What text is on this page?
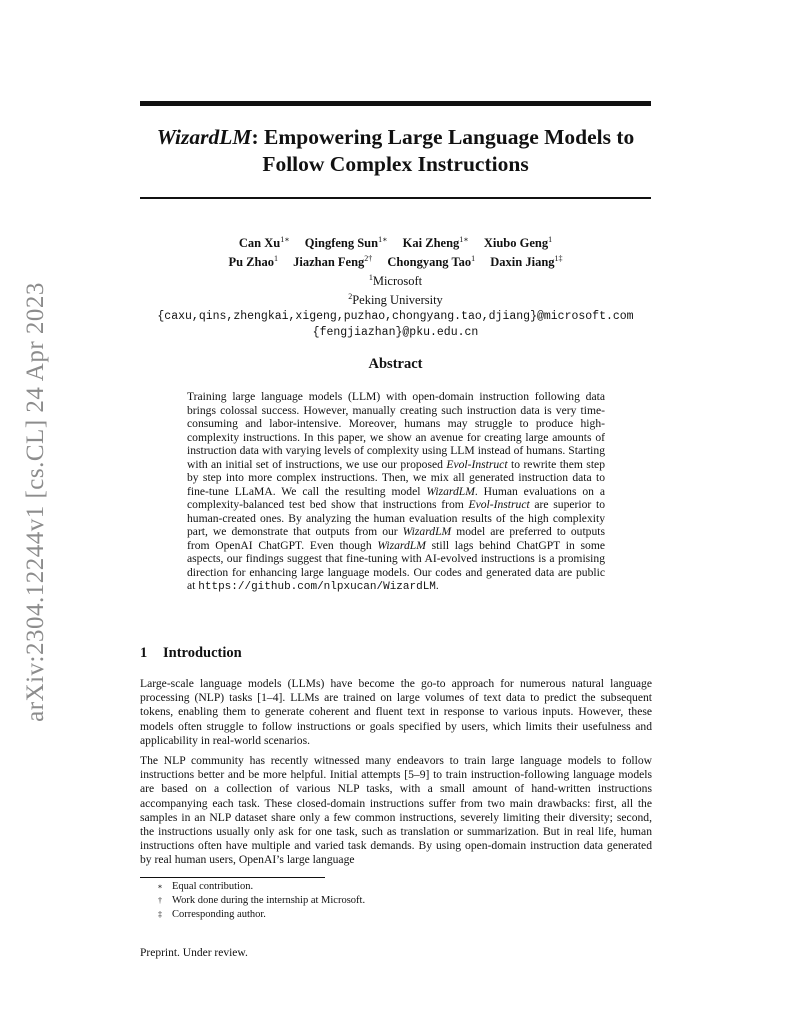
arXiv:2304.12244v1 [cs.CL] 24 Apr 2023
WizardLM: Empowering Large Language Models to
Follow Complex Instructions
Can $Xu^{1∗}$ Qingfeng Sun$^{1∗}$ Kai Zheng$^{1∗}$ Xiubo Geng$^1$
Pu Zhao$^1$ Jiazhan Feng$^{2\dagger}$ Chongyang Tao$^1$ Daxin Jiang$^{1\ddagger}$
$^1$Microsoft
$^2$Peking University
{caxu,qins,zhengkai,xigeng,puzhao,chongyang.tao,djiang}@microsoft.com
{fengjiazhan}@pku.edu.cn
Abstract
Training large language models (LLM) with open-domain instruction following data brings colossal success. However, manually creating such instruction data is very time-consuming and labor-intensive. Moreover, humans may struggle to produce high-complexity instructions. In this paper, we show an avenue for creating large amounts of instruction data with varying levels of complexity using LLM instead of humans. Starting with an initial set of instructions, we use our proposed Evol-Instruct to rewrite them step by step into more complex instructions. Then, we mix all generated instruction data to fine-tune LLaMA. We call the resulting model WizardLM. Human evaluations on a complexity-balanced test bed show that instructions from Evol-Instruct are superior to human-created ones. By analyzing the human evaluation results of the high complexity part, we demonstrate that outputs from our WizardLM model are preferred to outputs from OpenAI ChatGPT. Even though WizardLM still lags behind ChatGPT in some aspects, our findings suggest that fine-tuning with AI-evolved instructions is a promising direction for enhancing large language models. Our codes and generated data are public at https://github.com/nlpxucan/WizardLM.
1 Introduction

Large-scale language models (LLMs) have become the go-to approach for numerous natural language processing (NLP) tasks [1–4]. LLMs are trained on large volumes of text data to predict the subsequent tokens, enabling them to generate coherent and fluent text in response to various inputs. However, these models often struggle to follow instructions or goals specified by users, which limits their usefulness and applicability in real-world scenarios.

The NLP community has recently witnessed many endeavors to train large language models to follow instructions better and be more helpful. Initial attempts [5–9] to train instruction-following language models are based on a collection of various NLP tasks, with a small amount of hand-written instructions accompanying each task. These closed-domain instructions suffer from two main drawbacks: first, all the samples in an NLP dataset share only a few common instructions, severely limiting their diversity; second, the instructions usually only ask for one task, such as translation or summarization. But in real life, human instructions often have multiple and varied task demands. By using open-domain instruction data generated by real human users, OpenAI’s large language

∗ Equal contribution.
† Work done during the internship at Microsoft.
‡ Corresponding author.
Preprint. Under review.
